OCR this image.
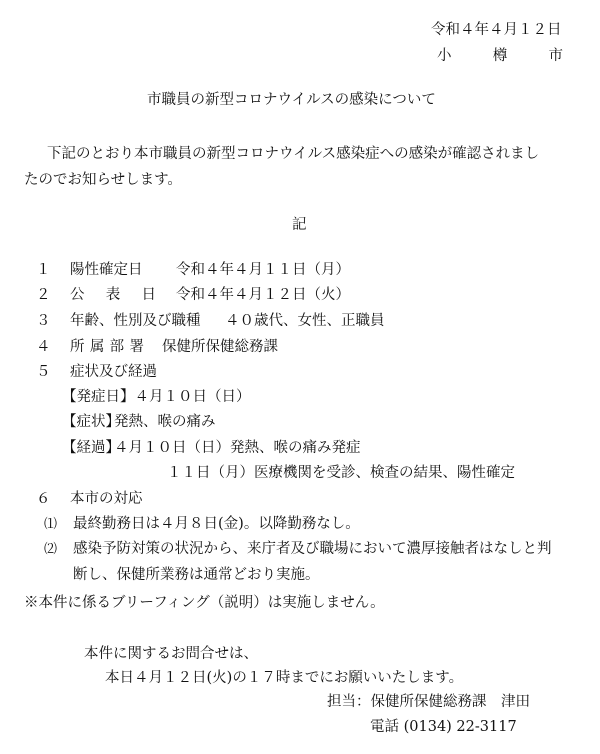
令和４年４月１２日
小	樽	市
市職員の新型コロナウイルスの感染について
下記のとおり本市職員の新型コロナウイルス感染症への感染が確認されまし
たのでお知らせします。
記
１ 陽性確定日 令和４年４月１１日（月）
２ 公 表 日 令和４年４月１２日（火）
３ 年齢、性別及び職種 ４０歳代、女性、正職員
４ 所 属 部 署 保健所保健総務課
５ 症状及び経過
【発症日】４月１０日（日）
【症 状】
発熱、喉の痛み
【経 過】
４月１０日（日）発熱、喉の痛み発症
１１日（月）医療機関を受診、検査の結果、陽性確定
６ 本市の対応
⑴ 最終勤務日は４月８日(金)。以降勤務なし。
⑵ 感染予防対策の状況から、来庁者及び職場において濃厚接触者はなしと判
断し、保健所業務は通常どおり実施。
※本件に係るブリーフィング（説明）は実施しません。
本件に関するお問合せは、
本日４月１２日(火)の１７時までにお願いいたします。
担当：保健所保健総務課　津田
電話 (0134) 22-3117
